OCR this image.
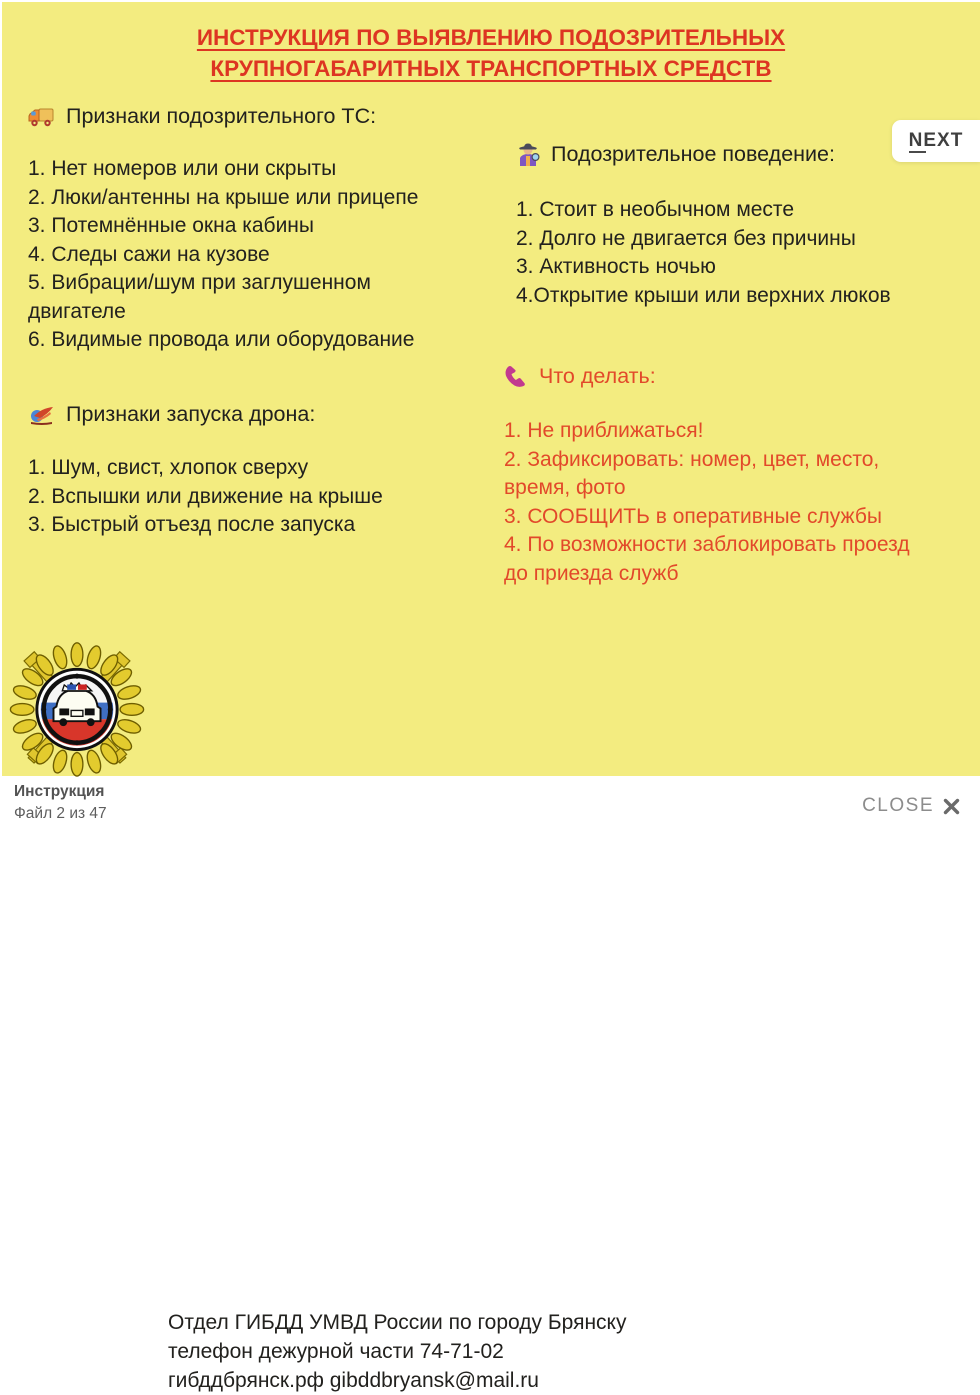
ИНСТРУКЦИЯ ПО ВЫЯВЛЕНИЮ ПОДОЗРИТЕЛЬНЫХ
КРУПНОГАБАРИТНЫХ ТРАНСПОРТНЫХ СРЕДСТВ
Признаки подозрительного ТС:
1. Нет номеров или они скрыты
2. Люки/антенны на крыше или прицепе
3. Потемнённые окна кабины
4. Следы сажи на кузове
5. Вибрации/шум при заглушенном двигателе
6. Видимые провода или оборудование
Подозрительное поведение:
1. Стоит в необычном месте
2. Долго не двигается без причины
3. Активность ночью
4.Открытие крыши или верхних люков
Признаки запуска дрона:
1. Шум, свист, хлопок сверху
2. Вспышки или движение на крыше
3. Быстрый отъезд после запуска
Что делать:
1. Не приближаться!
2. Зафиксировать: номер, цвет, место, время, фото
3. СООБЩИТЬ в оперативные службы
4. По возможности заблокировать проезд до приезда служб
Отдел ГИБДД УМВД России по городу Брянску
телефон дежурной части 74-71-02
гибддбрянск.рф gibddbryansk@mail.ru
NEXT
Инструкция
Файл 2 из 47	CLOSE
